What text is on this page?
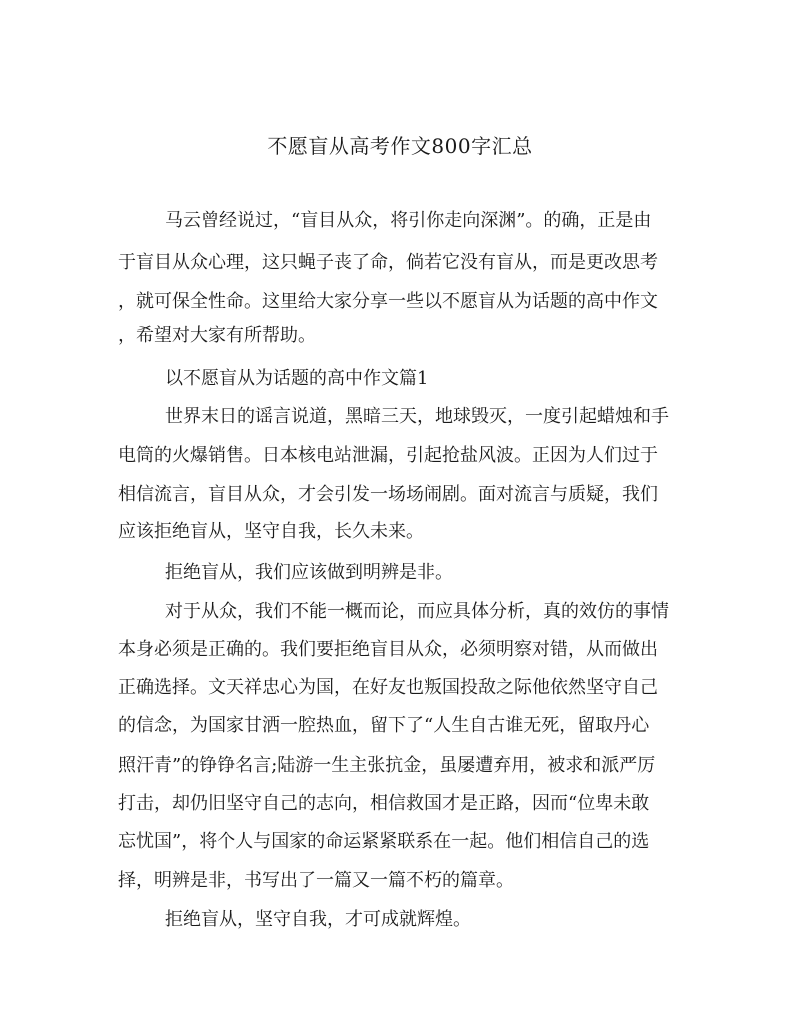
不愿盲从高考作文800字汇总
马云曾经说过，“盲目从众，将引你走向深渊”。的确，正是由
于盲目从众心理，这只蝇子丧了命，倘若它没有盲从，而是更改思考
，就可保全性命。这里给大家分享一些以不愿盲从为话题的高中作文
，希望对大家有所帮助。
以不愿盲从为话题的高中作文篇1
世界末日的谣言说道，黑暗三天，地球毁灭，一度引起蜡烛和手
电筒的火爆销售。日本核电站泄漏，引起抢盐风波。正因为人们过于
相信流言，盲目从众，才会引发一场场闹剧。面对流言与质疑，我们
应该拒绝盲从，坚守自我，长久未来。
拒绝盲从，我们应该做到明辨是非。
对于从众，我们不能一概而论，而应具体分析，真的效仿的事情
本身必须是正确的。我们要拒绝盲目从众，必须明察对错，从而做出
正确选择。文天祥忠心为国，在好友也叛国投敌之际他依然坚守自己
的信念，为国家甘洒一腔热血，留下了“人生自古谁无死，留取丹心
照汗青”的铮铮名言;陆游一生主张抗金，虽屡遭弃用，被求和派严厉
打击，却仍旧坚守自己的志向，相信救国才是正路，因而“位卑未敢
忘忧国”，将个人与国家的命运紧紧联系在一起。他们相信自己的选
择，明辨是非，书写出了一篇又一篇不朽的篇章。
拒绝盲从，坚守自我，才可成就辉煌。
